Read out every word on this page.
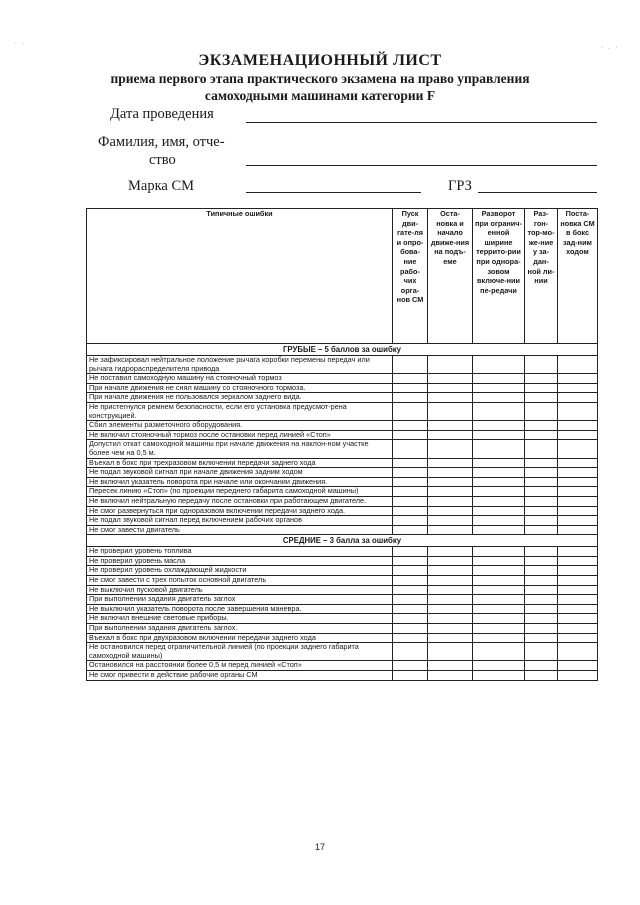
· ·
· . ·
ЭКЗАМЕНАЦИОННЫЙ ЛИСТ
приема первого этапа практического экзамена на право управления
самоходными машинами категории F
Дата проведения
Фамилия, имя, отче-
ство
Марка СМ	ГРЗ
Типичные ошибки	Пуск дви-гате-ля и опро-бова-ние рабо-чих орга-нов СМ	Оста-новка и начало движе-ния на подъ-еме	Разворот при огранич-енной ширине террито-рии при однора-зовом включе-нии пе-редачи	Раз-гон-тор-мо-же-ние у за-дан-ной ли-нии	Поста-новка СМ в бокс зад-ним ходом
ГРУБЫЕ – 5 баллов за ошибку					
Не зафиксировал нейтральное положение рычага коробки перемены передач или рычага гидрораспределителя привода					
Не поставил самоходную машину на стояночный тормоз					
При начале движения не снял машину со стояночного тормоза.					
При начале движения не пользовался зеркалом заднего вида.					
Не пристегнулся ремнем безопасности, если его установка предусмот-рена конструкцией.					
Сбил элементы разметочного оборудования.					
Не включил стояночный тормоз после остановки перед линией «Стоп»					
Допустил откат самоходной машины при начале движения на наклон-ном участке более чем на 0,5 м.					
Въехал в бокс при трехразовом включении передачи заднего хода					
Не подал звуковой сигнал при начале движения задним ходом					
Не включил указатель поворота при начале или окончании движения.					
Пересек линию «Стоп» (по проекции переднего габарита самоходной машины)					
Не включил нейтральную передачу после остановки при работающем двигателе.					
Не смог развернуться при одноразовом включении передачи заднего хода.					
Не подал звуковой сигнал перед включением рабочих органов					
Не смог завести двигатель					
СРЕДНИЕ – 3 балла за ошибку					
Не проверил уровень топлива					
Не проверил уровень масла					
Не проверил уровень охлаждающей жидкости					
Не смог завести с трех попыток основной двигатель					
Не выключил пусковой двигатель					
При выполнении задания двигатель заглох					
Не выключил указатель поворота после завершения маневра.					
Не включил внешние световые приборы.					
При выполнении задания двигатель заглох.					
Въехал в бокс при двухразовом включении передачи заднего хода					
Не остановился перед ограничительной линией (по проекции заднего габарита самоходной машины)					
Остановился на расстоянии более 0,5 м перед линией «Стоп»					
Не смог привести в действие рабочие органы СМ					
17
